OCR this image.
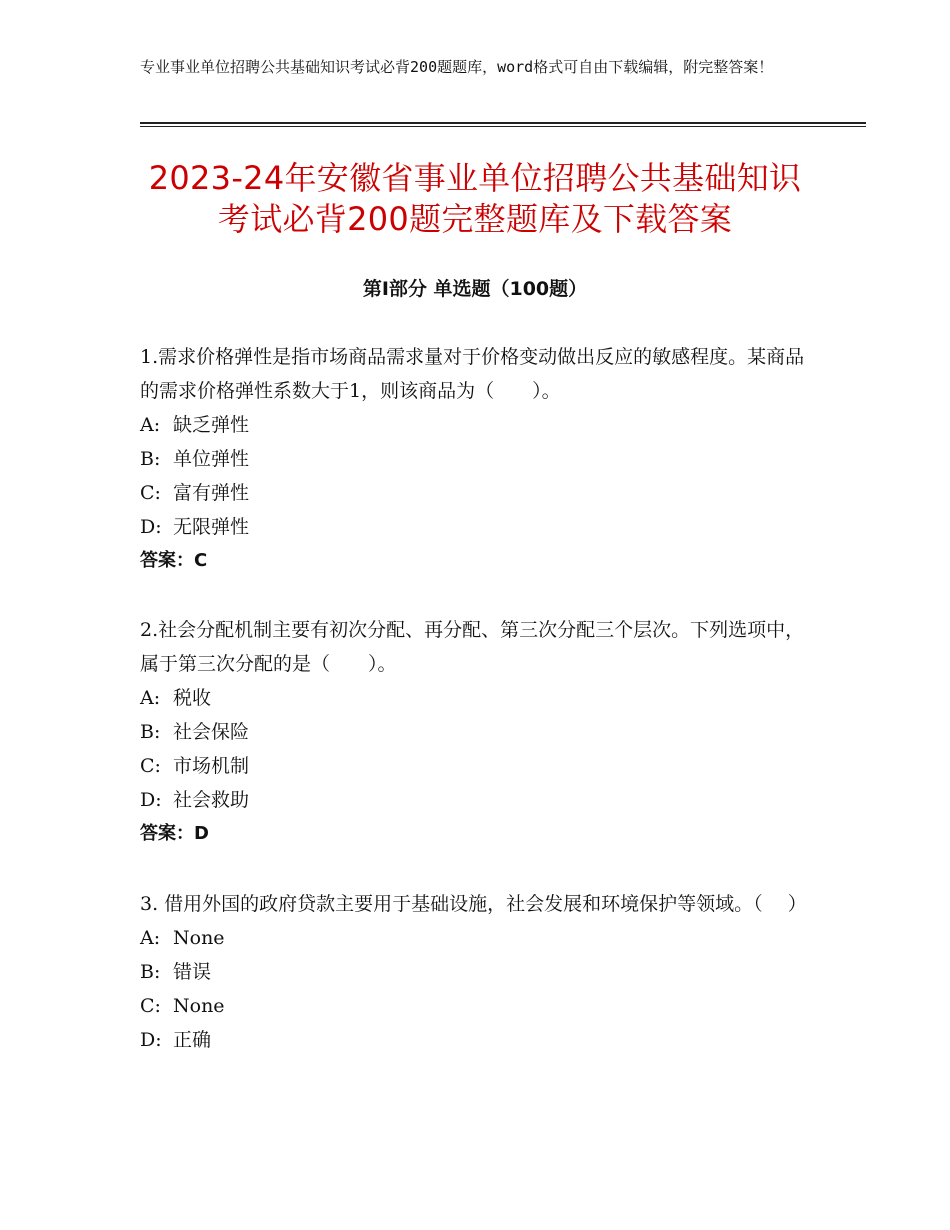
专业事业单位招聘公共基础知识考试必背200题题库，word格式可自由下载编辑，附完整答案！
2023-24年安徽省事业单位招聘公共基础知识考试必背200题完整题库及下载答案
第Ⅰ部分 单选题（100题）

1.需求价格弹性是指市场商品需求量对于价格变动做出反应的敏感程度。某商品的需求价格弹性系数大于1，则该商品为（　　）。

A: 缺乏弹性
B: 单位弹性
C: 富有弹性
D: 无限弹性
答案：C

2.社会分配机制主要有初次分配、再分配、第三次分配三个层次。下列选项中，属于第三次分配的是（　　）。

A: 税收
B: 社会保险
C: 市场机制
D: 社会救助
答案：D

3. 借用外国的政府贷款主要用于基础设施，社会发展和环境保护等领域。（　 ）

A: None
B: 错误
C: None
D: 正确
